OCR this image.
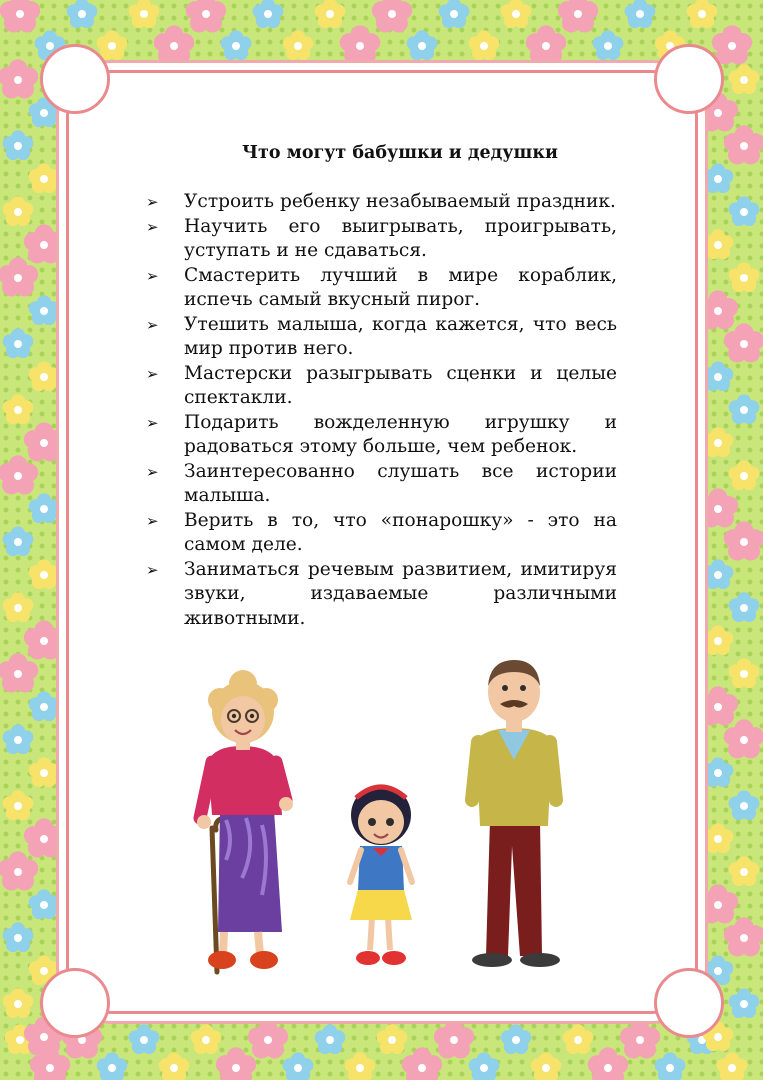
Что могут бабушки и дедушки
➢ Устроить ребенку незабываемый праздник.
➢ Научить его выигрывать, проигрывать, уступать и не сдаваться.
➢ Смастерить лучший в мире кораблик, испечь самый вкусный пирог.
➢ Утешить малыша, когда кажется, что весь мир против него.
➢ Мастерски разыгрывать сценки и целые спектакли.
➢ Подарить вожделенную игрушку и радоваться этому больше, чем ребенок.
➢ Заинтересованно слушать все истории малыша.
➢ Верить в то, что «понарошку» - это на самом деле.
➢ Заниматься речевым развитием, имитируя звуки, издаваемые различными животными.
